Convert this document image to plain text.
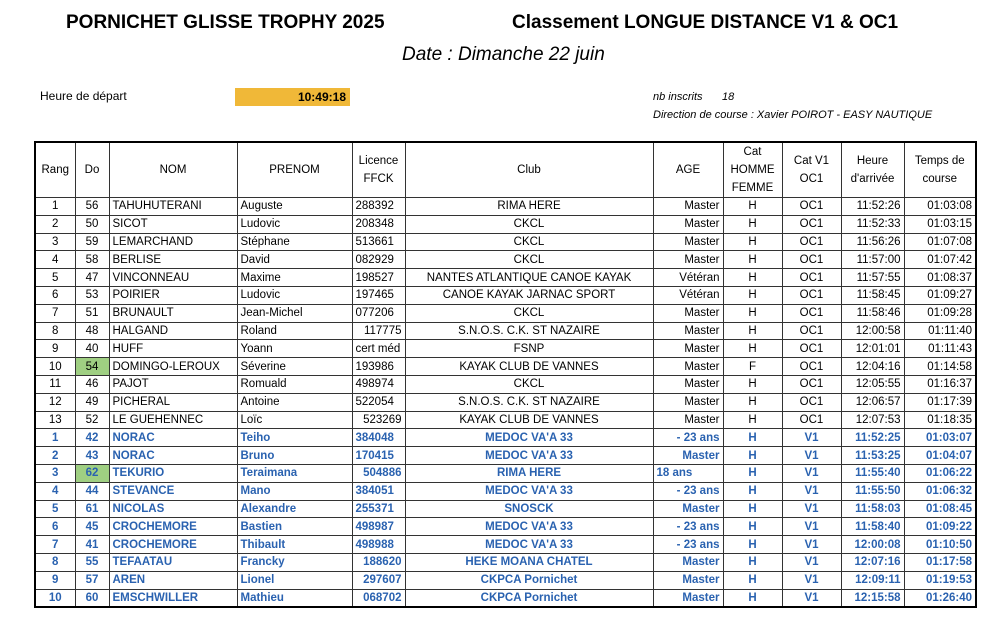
PORNICHET GLISSE TROPHY 2025	Classement LONGUE DISTANCE V1 & OC1
Date : Dimanche 22 juin
Heure de départ	10:49:18	nb inscrits 18
Direction de course : Xavier POIROT - EASY NAUTIQUE
Rang	Do	NOM	PRENOM	Licence FFCK	Club	AGE	Cat HOMME FEMME	Cat V1 OC1	Heure d'arrivée	Temps de course
1	56	TAHUHUTERANI	Auguste	288392	RIMA HERE	Master	H	OC1	11:52:26	01:03:08
2	50	SICOT	Ludovic	208348	CKCL	Master	H	OC1	11:52:33	01:03:15
3	59	LEMARCHAND	Stéphane	513661	CKCL	Master	H	OC1	11:56:26	01:07:08
4	58	BERLISE	David	082929	CKCL	Master	H	OC1	11:57:00	01:07:42
5	47	VINCONNEAU	Maxime	198527	NANTES ATLANTIQUE CANOE KAYAK	Vétéran	H	OC1	11:57:55	01:08:37
6	53	POIRIER	Ludovic	197465	CANOE KAYAK JARNAC SPORT	Vétéran	H	OC1	11:58:45	01:09:27
7	51	BRUNAULT	Jean-Michel	077206	CKCL	Master	H	OC1	11:58:46	01:09:28
8	48	HALGAND	Roland	117775	S.N.O.S. C.K. ST NAZAIRE	Master	H	OC1	12:00:58	01:11:40
9	40	HUFF	Yoann	cert méd	FSNP	Master	H	OC1	12:01:01	01:11:43
10	54	DOMINGO-LEROUX	Séverine	193986	KAYAK CLUB DE VANNES	Master	F	OC1	12:04:16	01:14:58
11	46	PAJOT	Romuald	498974	CKCL	Master	H	OC1	12:05:55	01:16:37
12	49	PICHERAL	Antoine	522054	S.N.O.S. C.K. ST NAZAIRE	Master	H	OC1	12:06:57	01:17:39
13	52	LE GUEHENNEC	Loïc	523269	KAYAK CLUB DE VANNES	Master	H	OC1	12:07:53	01:18:35
1	42	NORAC	Teiho	384048	MEDOC VA'A 33	- 23 ans	H	V1	11:52:25	01:03:07
2	43	NORAC	Bruno	170415	MEDOC VA'A 33	Master	H	V1	11:53:25	01:04:07
3	62	TEKURIO	Teraimana	504886	RIMA HERE	18 ans	H	V1	11:55:40	01:06:22
4	44	STEVANCE	Mano	384051	MEDOC VA'A 33	- 23 ans	H	V1	11:55:50	01:06:32
5	61	NICOLAS	Alexandre	255371	SNOSCK	Master	H	V1	11:58:03	01:08:45
6	45	CROCHEMORE	Bastien	498987	MEDOC VA'A 33	- 23 ans	H	V1	11:58:40	01:09:22
7	41	CROCHEMORE	Thibault	498988	MEDOC VA'A 33	- 23 ans	H	V1	12:00:08	01:10:50
8	55	TEFAATAU	Francky	188620	HEKE MOANA CHATEL	Master	H	V1	12:07:16	01:17:58
9	57	AREN	Lionel	297607	CKPCA Pornichet	Master	H	V1	12:09:11	01:19:53
10	60	EMSCHWILLER	Mathieu	068702	CKPCA Pornichet	Master	H	V1	12:15:58	01:26:40
